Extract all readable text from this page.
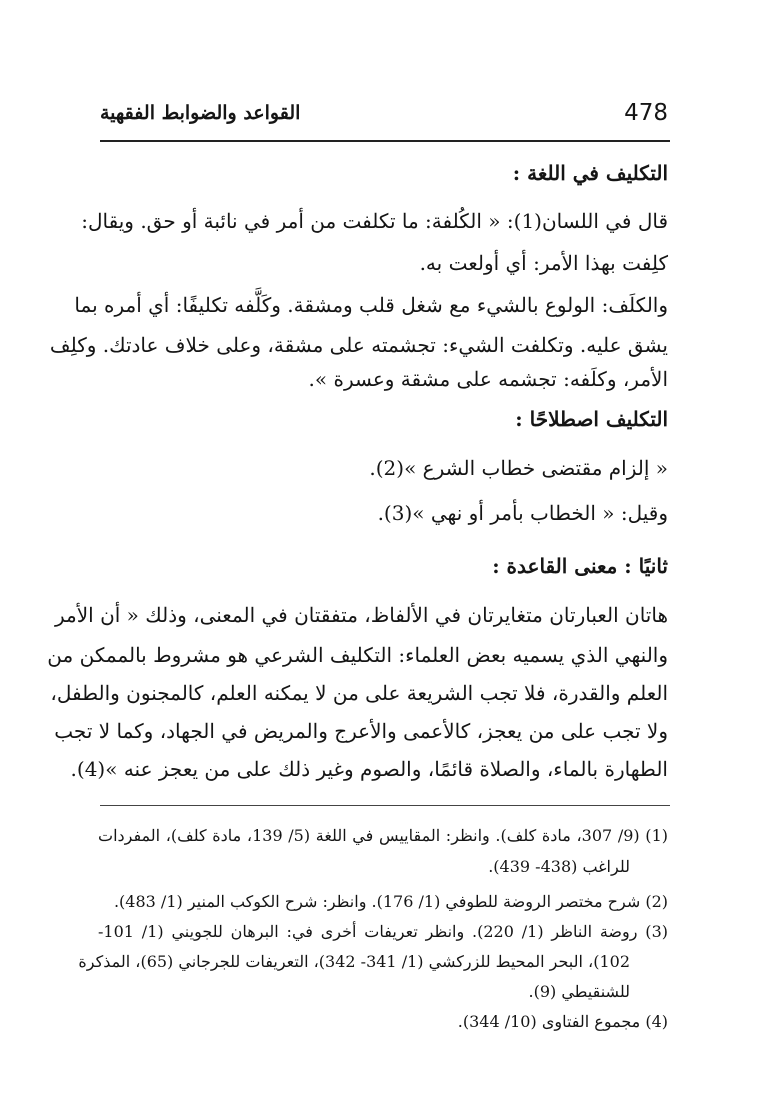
478
القواعد والضوابط الفقهية
التكليف في اللغة :
قال في اللسان(1): « الكُلفة: ما تكلفت من أمر في نائبة أو حق. ويقال:
كلِفت بهذا الأمر: أي أولعت به.
والكلَف: الولوع بالشيء مع شغل قلب ومشقة. وكَلَّفه تكليفًا: أي أمره بما
يشق عليه. وتكلفت الشيء: تجشمته على مشقة، وعلى خلاف عادتك. وكلِف
الأمر، وكلَفه: تجشمه على مشقة وعسرة ».
التكليف اصطلاحًا :
« إلزام مقتضى خطاب الشرع »(2).
وقيل: « الخطاب بأمر أو نهي »(3).
ثانيًا : معنى القاعدة :
هاتان العبارتان متغايرتان في الألفاظ، متفقتان في المعنى، وذلك « أن الأمر
والنهي الذي يسميه بعض العلماء: التكليف الشرعي هو مشروط بالممكن من
العلم والقدرة، فلا تجب الشريعة على من لا يمكنه العلم، كالمجنون والطفل،
ولا تجب على من يعجز، كالأعمى والأعرج والمريض في الجهاد، وكما لا تجب
الطهارة بالماء، والصلاة قائمًا، والصوم وغير ذلك على من يعجز عنه »(4).
(1) (9/ 307، مادة كلف). وانظر: المقاييس في اللغة (5/ 139، مادة كلف)، المفردات
للراغب (438- 439).
(2) شرح مختصر الروضة للطوفي (1/ 176). وانظر: شرح الكوكب المنير (1/ 483).
(3) روضة الناظر (1/ 220). وانظر تعريفات أخرى في: البرهان للجويني (1/ 101-
102)، البحر المحيط للزركشي (1/ 341- 342)، التعريفات للجرجاني (65)، المذكرة
للشنقيطي (9).
(4) مجموع الفتاوى (10/ 344).
